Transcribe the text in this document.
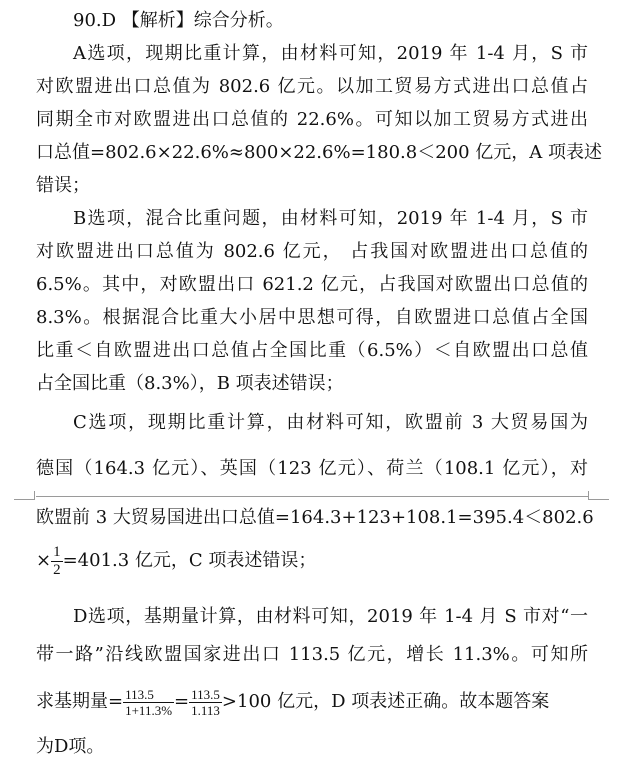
90.D 【解析】综合分析。

A选项，现期比重计算，由材料可知，2019 年 1-4 月，S 市
对欧盟进出口总值为 802.6 亿元。以加工贸易方式进出口总值占
同期全市对欧盟进出口总值的 22.6%。可知以加工贸易方式进出
口总值=802.6×22.6%≈800×22.6%=180.8＜200 亿元，A 项表述
错误；

B选项，混合比重问题，由材料可知，2019 年 1-4 月，S 市
对欧盟进出口总值为 802.6 亿元， 占我国对欧盟进出口总值的
6.5%。其中，对欧盟出口 621.2 亿元，占我国对欧盟出口总值的
8.3%。根据混合比重大小居中思想可得，自欧盟进口总值占全国
比重＜自欧盟进出口总值占全国比重（6.5%）＜自欧盟出口总值
占全国比重（8.3%），B 项表述错误；

C选项，现期比重计算，由材料可知，欧盟前 3 大贸易国为
德国（164.3 亿元）、英国（123 亿元）、荷兰（108.1 亿元），对

欧盟前 3 大贸易国进出口总值=164.3+123+108.1=395.4＜802.6

× $\frac{1}{2} =401.3$ 亿元，C 项表述错误；

D选项，基期量计算，由材料可知，2019 年 1-4 月 S 市对“一
带一路”沿线欧盟国家进出口 113.5 亿元，增长 11.3%。可知所

求基期量= $\frac{113.5}{1+11.3\%} = \frac{113.5}{1.113} >100$ 亿元，D 项表述正确。故本题答案

为D项。
